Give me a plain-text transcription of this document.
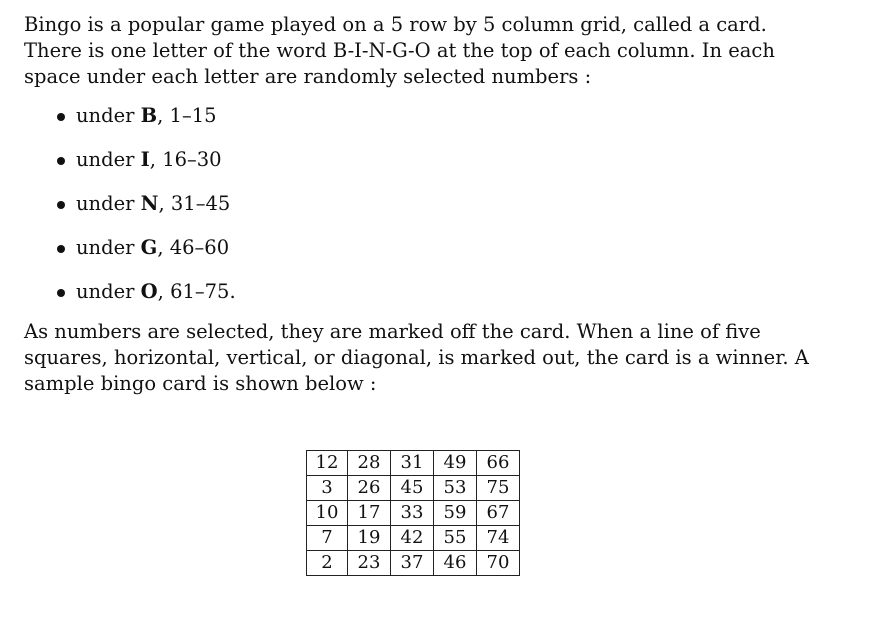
Bingo is a popular game played on a 5 row by 5 column grid, called a card. There is one letter of the word B-I-N-G-O at the top of each column. In each space under each letter are randomly selected numbers :

under B, 1–15
under I, 16–30
under N, 31–45
under G, 46–60
under O, 61–75.

As numbers are selected, they are marked off the card. When a line of five squares, horizontal, vertical, or diagonal, is marked out, the card is a winner. A sample bingo card is shown below :

12	28	31	49	66
3	26	45	53	75
10	17	33	59	67
7	19	42	55	74
2	23	37	46	70
